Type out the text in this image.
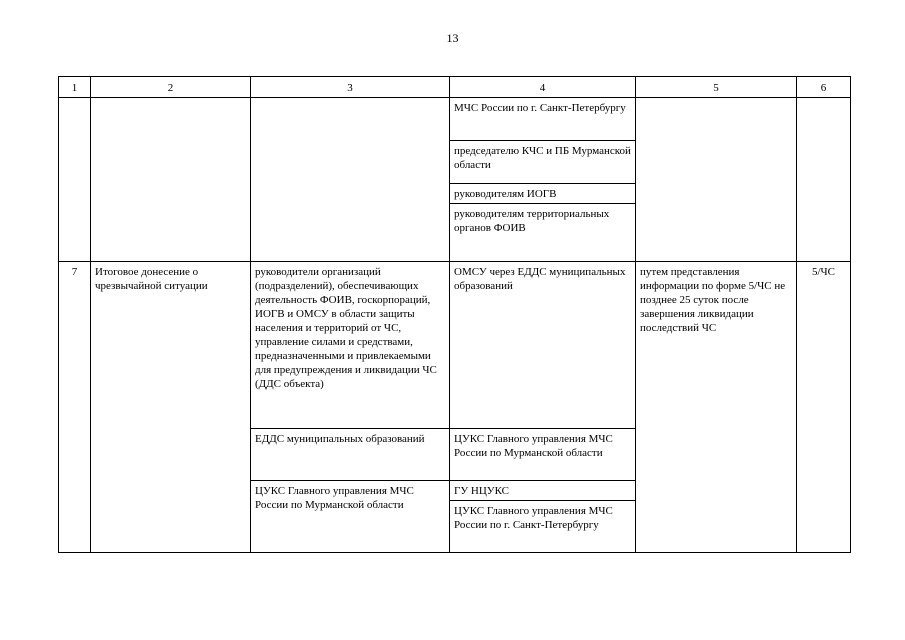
13
1	2	3	4	5	6
			МЧС России по г. Санкт-Петербургу		
			председателю КЧС и ПБ Мурманской области		
			руководителям ИОГВ		
			руководителям территориальных органов ФОИВ		
7	Итоговое донесение о чрезвычайной ситуации	руководители организаций (подразделений), обеспечивающих деятельность ФОИВ, госкорпораций, ИОГВ и ОМСУ в области защиты населения и территорий от ЧС, управление силами и средствами, предназначенными и привлекаемыми для предупреждения и ликвидации ЧС (ДДС объекта)	ОМСУ через ЕДДС муниципальных образований	путем представления информации по форме 5/ЧС не позднее 25 суток после завершения ликвидации последствий ЧС	5/ЧС
		ЕДДС муниципальных образований	ЦУКС Главного управления МЧС России по Мурманской области		
		ЦУКС Главного управления МЧС России по Мурманской области	ГУ НЦУКС		
			ЦУКС Главного управления МЧС России по г. Санкт-Петербургу		
